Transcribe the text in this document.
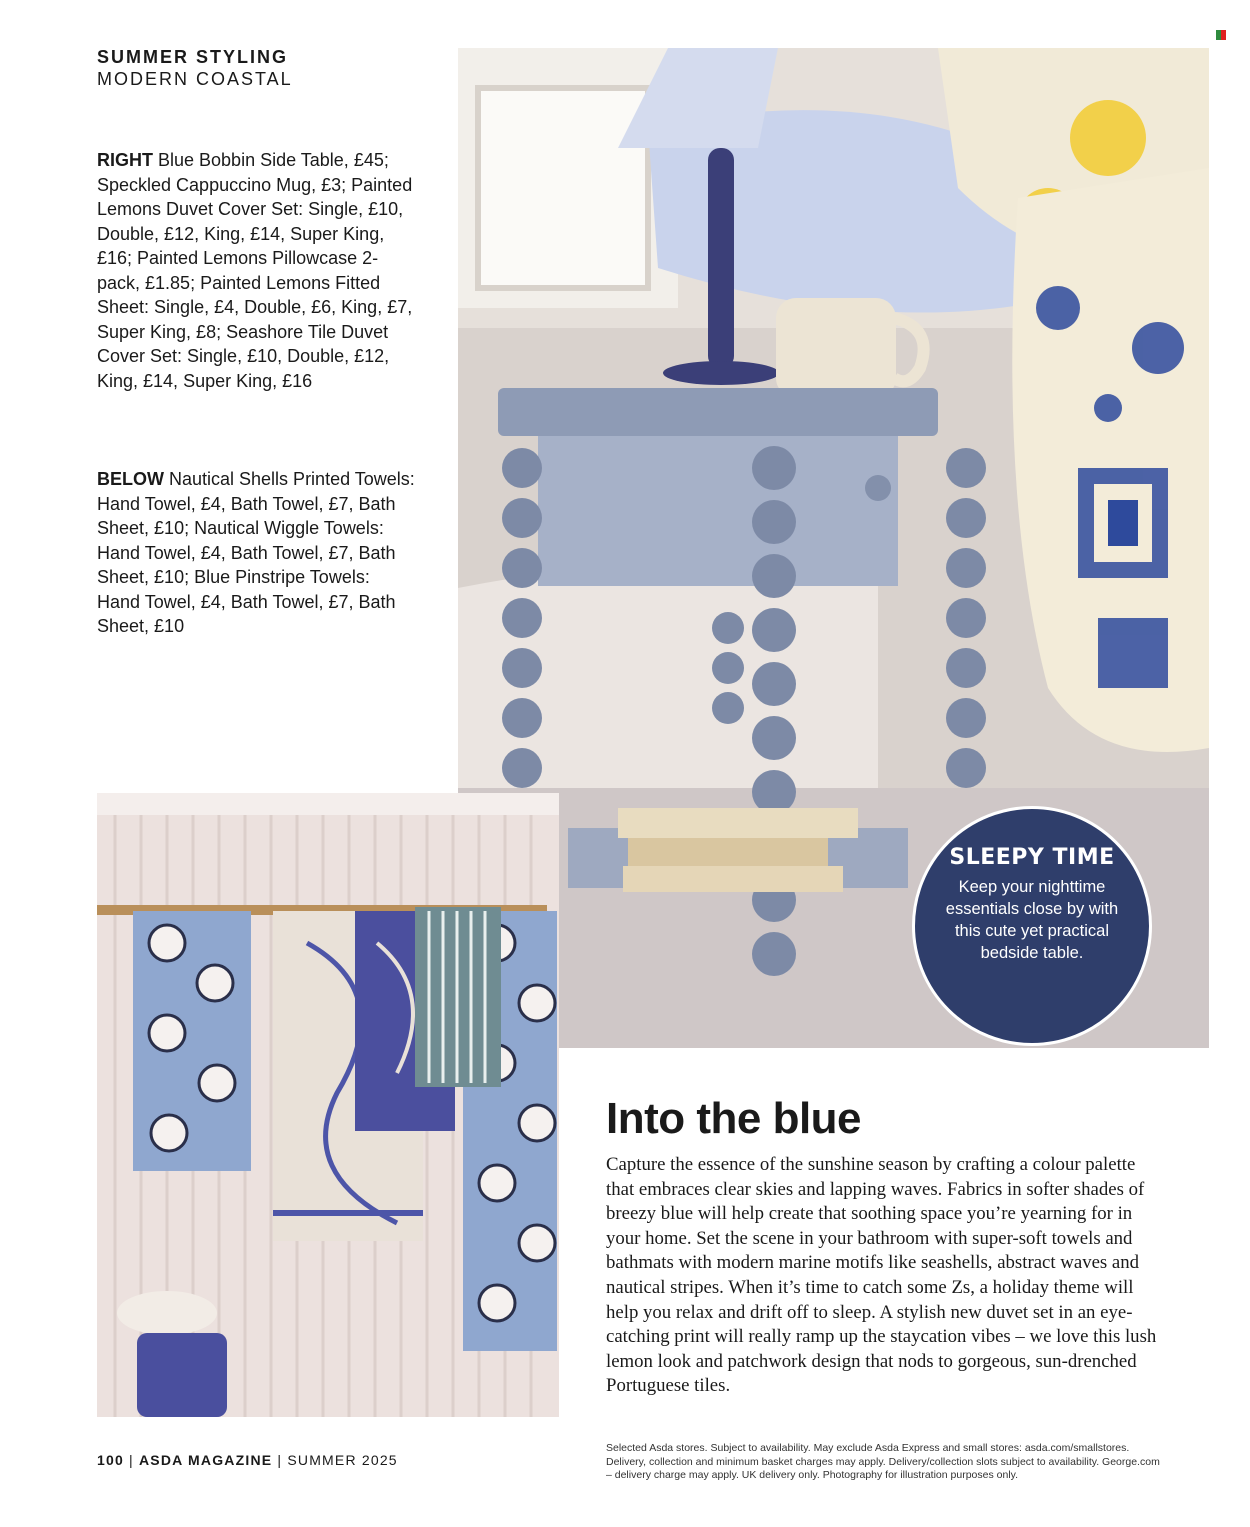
SUMMER STYLING
MODERN COASTAL

RIGHT Blue Bobbin Side Table, £45; Speckled Cappuccino Mug, £3; Painted Lemons Duvet Cover Set: Single, £10, Double, £12, King, £14, Super King, £16; Painted Lemons Pillowcase 2-pack, £1.85; Painted Lemons Fitted Sheet: Single, £4, Double, £6, King, £7, Super King, £8; Seashore Tile Duvet Cover Set: Single, £10, Double, £12, King, £14, Super King, £16

BELOW Nautical Shells Printed Towels: Hand Towel, £4, Bath Towel, £7, Bath Sheet, £10; Nautical Wiggle Towels: Hand Towel, £4, Bath Towel, £7, Bath Sheet, £10; Blue Pinstripe Towels: Hand Towel, £4, Bath Towel, £7, Bath Sheet, £10

SLEEPY TIME
Keep your nighttime essentials close by with this cute yet practical bedside table.
Into the blue

Capture the essence of the sunshine season by crafting a colour palette that embraces clear skies and lapping waves. Fabrics in softer shades of breezy blue will help create that soothing space you’re yearning for in your home. Set the scene in your bathroom with super-soft towels and bathmats with modern marine motifs like seashells, abstract waves and nautical stripes. When it’s time to catch some Zs, a holiday theme will help you relax and drift off to sleep. A stylish new duvet set in an eye-catching print will really ramp up the staycation vibes – we love this lush lemon look and patchwork design that nods to gorgeous, sun-drenched Portuguese tiles.

100 | ASDA MAGAZINE | SUMMER 2025

Selected Asda stores. Subject to availability. May exclude Asda Express and small stores: asda.com/smallstores. Delivery, collection and minimum basket charges may apply. Delivery/collection slots subject to availability. George.com – delivery charge may apply. UK delivery only. Photography for illustration purposes only.
